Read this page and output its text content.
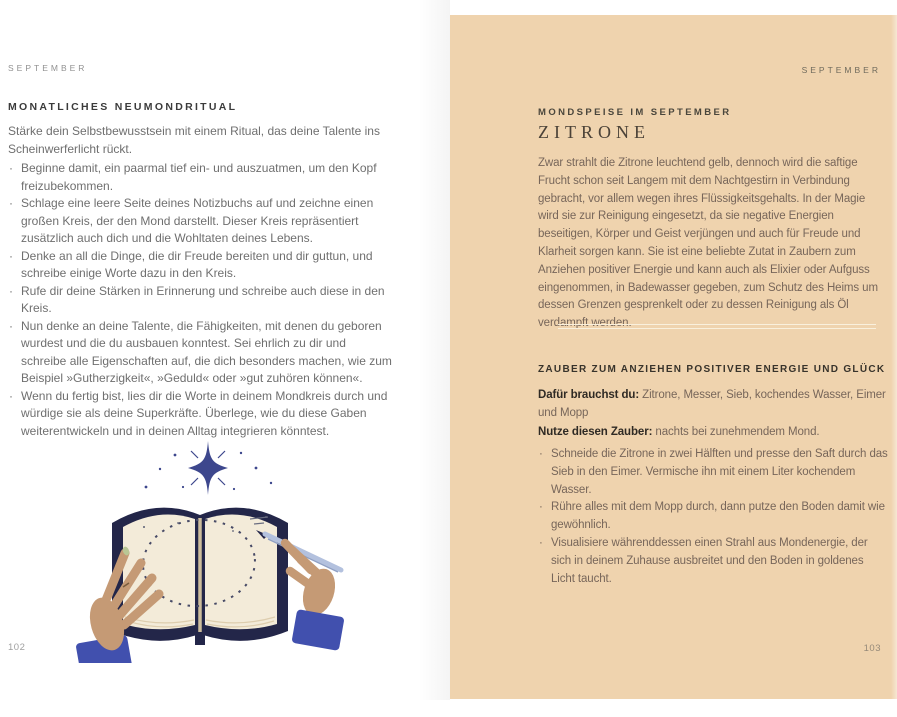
SEPTEMBER
MONATLICHES NEUMONDRITUAL

Stärke dein Selbstbewusstsein mit einem Ritual, das deine Talente ins Scheinwerferlicht rückt.

· Beginne damit, ein paarmal tief ein- und auszuatmen, um den Kopf freizubekommen.
· Schlage eine leere Seite deines Notizbuchs auf und zeichne einen großen Kreis, der den Mond darstellt. Dieser Kreis repräsentiert zusätzlich auch dich und die Wohltaten deines Lebens.
· Denke an all die Dinge, die dir Freude bereiten und dir guttun, und schreibe einige Worte dazu in den Kreis.
· Rufe dir deine Stärken in Erinnerung und schreibe auch diese in den Kreis.
· Nun denke an deine Talente, die Fähigkeiten, mit denen du geboren wurdest und die du ausbauen konntest. Sei ehrlich zu dir und schreibe alle Eigenschaften auf, die dich besonders machen, wie zum Beispiel »Gutherzigkeit«, »Geduld« oder »gut zuhören können«.
· Wenn du fertig bist, lies dir die Worte in deinem Mondkreis durch und würdige sie als deine Superkräfte. Überlege, wie du diese Gaben weiterentwickeln und in deinen Alltag integrieren könntest.
102
SEPTEMBER
MONDSPEISE IM SEPTEMBER
ZITRONE

Zwar strahlt die Zitrone leuchtend gelb, dennoch wird die saftige Frucht schon seit Langem mit dem Nachtgestirn in Verbindung gebracht, vor allem wegen ihres Flüssigkeitsgehalts. In der Magie wird sie zur Reinigung eingesetzt, da sie negative Energien beseitigen, Körper und Geist verjüngen und auch für Freude und Klarheit sorgen kann. Sie ist eine beliebte Zutat in Zaubern zum Anziehen positiver Energie und kann auch als Elixier oder Aufguss eingenommen, in Badewasser gegeben, zum Schutz des Heims um dessen Grenzen gesprenkelt oder zu dessen Reinigung als Öl verdampft werden.

ZAUBER ZUM ANZIEHEN POSITIVER ENERGIE UND GLÜCK

Dafür brauchst du: Zitrone, Messer, Sieb, kochendes Wasser, Eimer und Mopp

Nutze diesen Zauber: nachts bei zunehmendem Mond.

· Schneide die Zitrone in zwei Hälften und presse den Saft durch das Sieb in den Eimer. Vermische ihn mit einem Liter kochendem Wasser.
· Rühre alles mit dem Mopp durch, dann putze den Boden damit wie gewöhnlich.
· Visualisiere währenddessen einen Strahl aus Mondenergie, der sich in deinem Zuhause ausbreitet und den Boden in goldenes Licht taucht.
103
